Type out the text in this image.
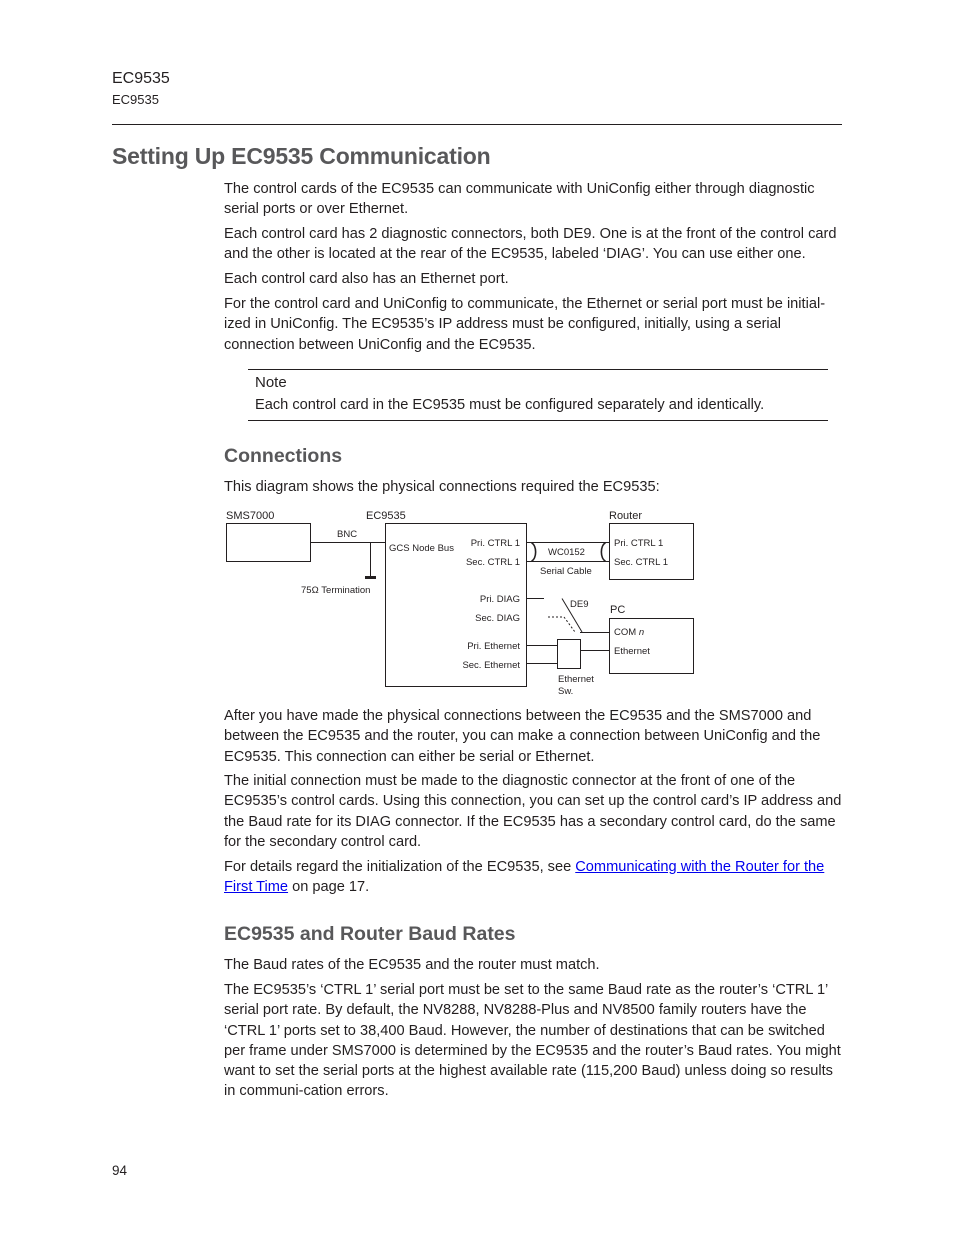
EC9535
EC9535
Setting Up EC9535 Communication

The control cards of the EC9535 can communicate with UniConfig either through diagnostic serial ports or over Ethernet.

Each control card has 2 diagnostic connectors, both DE9. One is at the front of the control card and the other is located at the rear of the EC9535, labeled ‘DIAG’. You can use either one.

Each control card also has an Ethernet port.

For the control card and UniConfig to communicate, the Ethernet or serial port must be initial-ized in UniConfig. The EC9535’s IP address must be configured, initially, using a serial connection between UniConfig and the EC9535.

Note
Each control card in the EC9535 must be configured separately and identically.
Connections

This diagram shows the physical connections required the EC9535:

SMS7000	EC9535	Router
BNC
GCS Node Bus
75Ω Termination
Pri. CTRL 1
Sec. CTRL 1
Pri. CTRL 1
Sec. CTRL 1
WC0152
Serial Cable
Pri. DIAG
Sec. DIAG
DE9 PC
COM n
Ethernet
Pri. Ethernet
Sec. Ethernet
Ethernet
Sw.

After you have made the physical connections between the EC9535 and the SMS7000 and between the EC9535 and the router, you can make a connection between UniConfig and the EC9535. This connection can either be serial or Ethernet.

The initial connection must be made to the diagnostic connector at the front of one of the EC9535’s control cards. Using this connection, you can set up the control card’s IP address and the Baud rate for its DIAG connector. If the EC9535 has a secondary control card, do the same for the secondary control card.

For details regard the initialization of the EC9535, see Communicating with the Router for the First Time on page 17.

EC9535 and Router Baud Rates

The Baud rates of the EC9535 and the router must match.

The EC9535’s ‘CTRL 1’ serial port must be set to the same Baud rate as the router’s ‘CTRL 1’ serial port rate. By default, the NV8288, NV8288-Plus and NV8500 family routers have the ‘CTRL 1’ ports set to 38,400 Baud. However, the number of destinations that can be switched per frame under SMS7000 is determined by the EC9535 and the router’s Baud rates. You might want to set the serial ports at the highest available rate (115,200 Baud) unless doing so results in communi-cation errors.

94
